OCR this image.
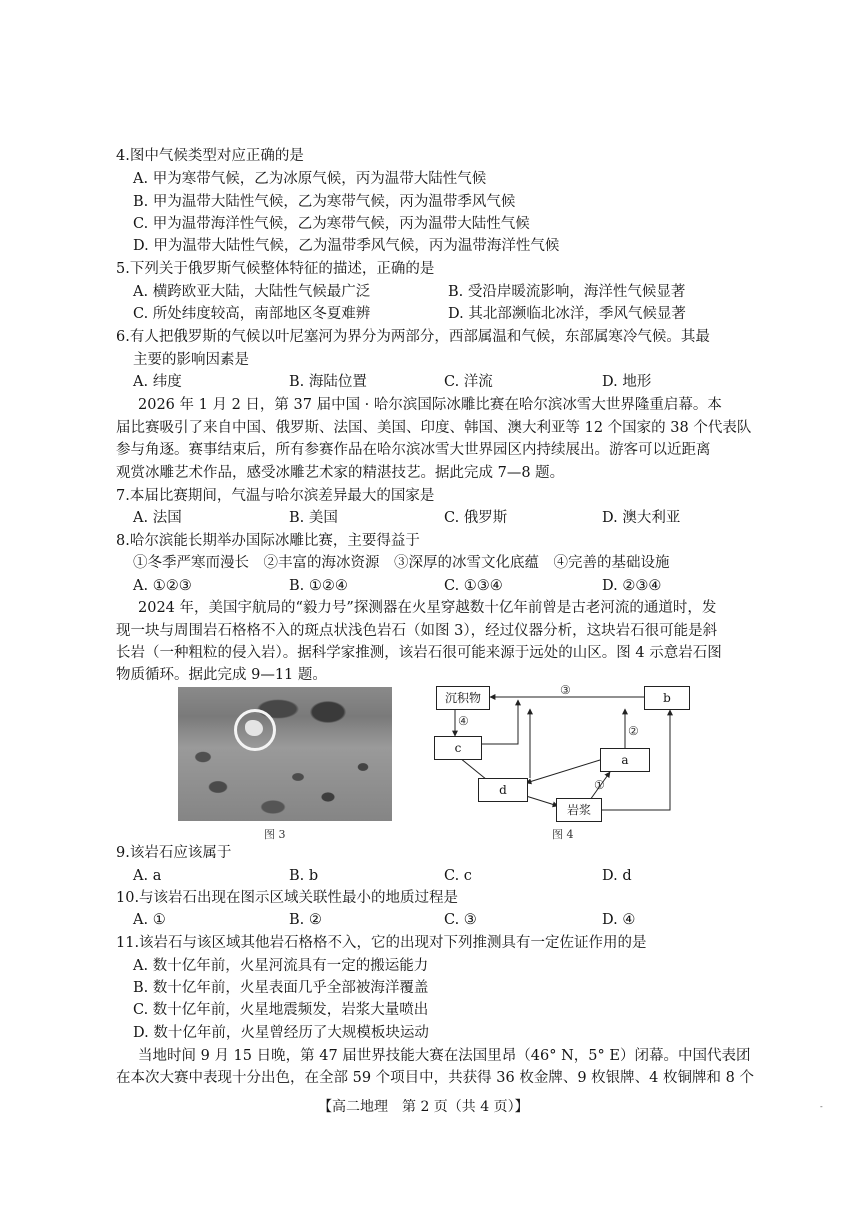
4.图中气候类型对应正确的是
A. 甲为寒带气候，乙为冰原气候，丙为温带大陆性气候
B. 甲为温带大陆性气候，乙为寒带气候，丙为温带季风气候
C. 甲为温带海洋性气候，乙为寒带气候，丙为温带大陆性气候
D. 甲为温带大陆性气候，乙为温带季风气候，丙为温带海洋性气候
5.下列关于俄罗斯气候整体特征的描述，正确的是
A. 横跨欧亚大陆，大陆性气候最广泛	B. 受沿岸暖流影响，海洋性气候显著
C. 所处纬度较高，南部地区冬夏难辨	D. 其北部濒临北冰洋，季风气候显著
6.有人把俄罗斯的气候以叶尼塞河为界分为两部分，西部属温和气候，东部属寒冷气候。其最
主要的影响因素是
A. 纬度	B. 海陆位置	C. 洋流	D. 地形
2026 年 1 月 2 日，第 37 届中国 · 哈尔滨国际冰雕比赛在哈尔滨冰雪大世界隆重启幕。本
届比赛吸引了来自中国、俄罗斯、法国、美国、印度、韩国、澳大利亚等 12 个国家的 38 个代表队
参与角逐。赛事结束后，所有参赛作品在哈尔滨冰雪大世界园区内持续展出。游客可以近距离
观赏冰雕艺术作品，感受冰雕艺术家的精湛技艺。据此完成 7—8 题。
7.本届比赛期间，气温与哈尔滨差异最大的国家是
A. 法国	B. 美国	C. 俄罗斯	D. 澳大利亚
8.哈尔滨能长期举办国际冰雕比赛，主要得益于
①冬季严寒而漫长　②丰富的海冰资源　③深厚的冰雪文化底蕴　④完善的基础设施
A. ①②③	B. ①②④	C. ①③④	D. ②③④
2024 年，美国宇航局的“毅力号”探测器在火星穿越数十亿年前曾是古老河流的通道时，发
现一块与周围岩石格格不入的斑点状浅色岩石（如图 3），经过仪器分析，这块岩石很可能是斜
长岩（一种粗粒的侵入岩）。据科学家推测，该岩石很可能来源于远处的山区。图 4 示意岩石图
物质循环。据此完成 9—11 题。
图 3
沉积物	b
c
a
d
岩浆
③
④
②
①
图 4
9.该岩石应该属于
A. a	B. b	C. c	D. d
10.与该岩石出现在图示区域关联性最小的地质过程是
A. ①	B. ②	C. ③	D. ④
11.该岩石与该区域其他岩石格格不入，它的出现对下列推测具有一定佐证作用的是
A. 数十亿年前，火星河流具有一定的搬运能力
B. 数十亿年前，火星表面几乎全部被海洋覆盖
C. 数十亿年前，火星地震频发，岩浆大量喷出
D. 数十亿年前，火星曾经历了大规模板块运动
当地时间 9 月 15 日晚，第 47 届世界技能大赛在法国里昂（46° N，5° E）闭幕。中国代表团
在本次大赛中表现十分出色，在全部 59 个项目中，共获得 36 枚金牌、9 枚银牌、4 枚铜牌和 8 个
【高二地理　第 2 页（共 4 页）】	-
